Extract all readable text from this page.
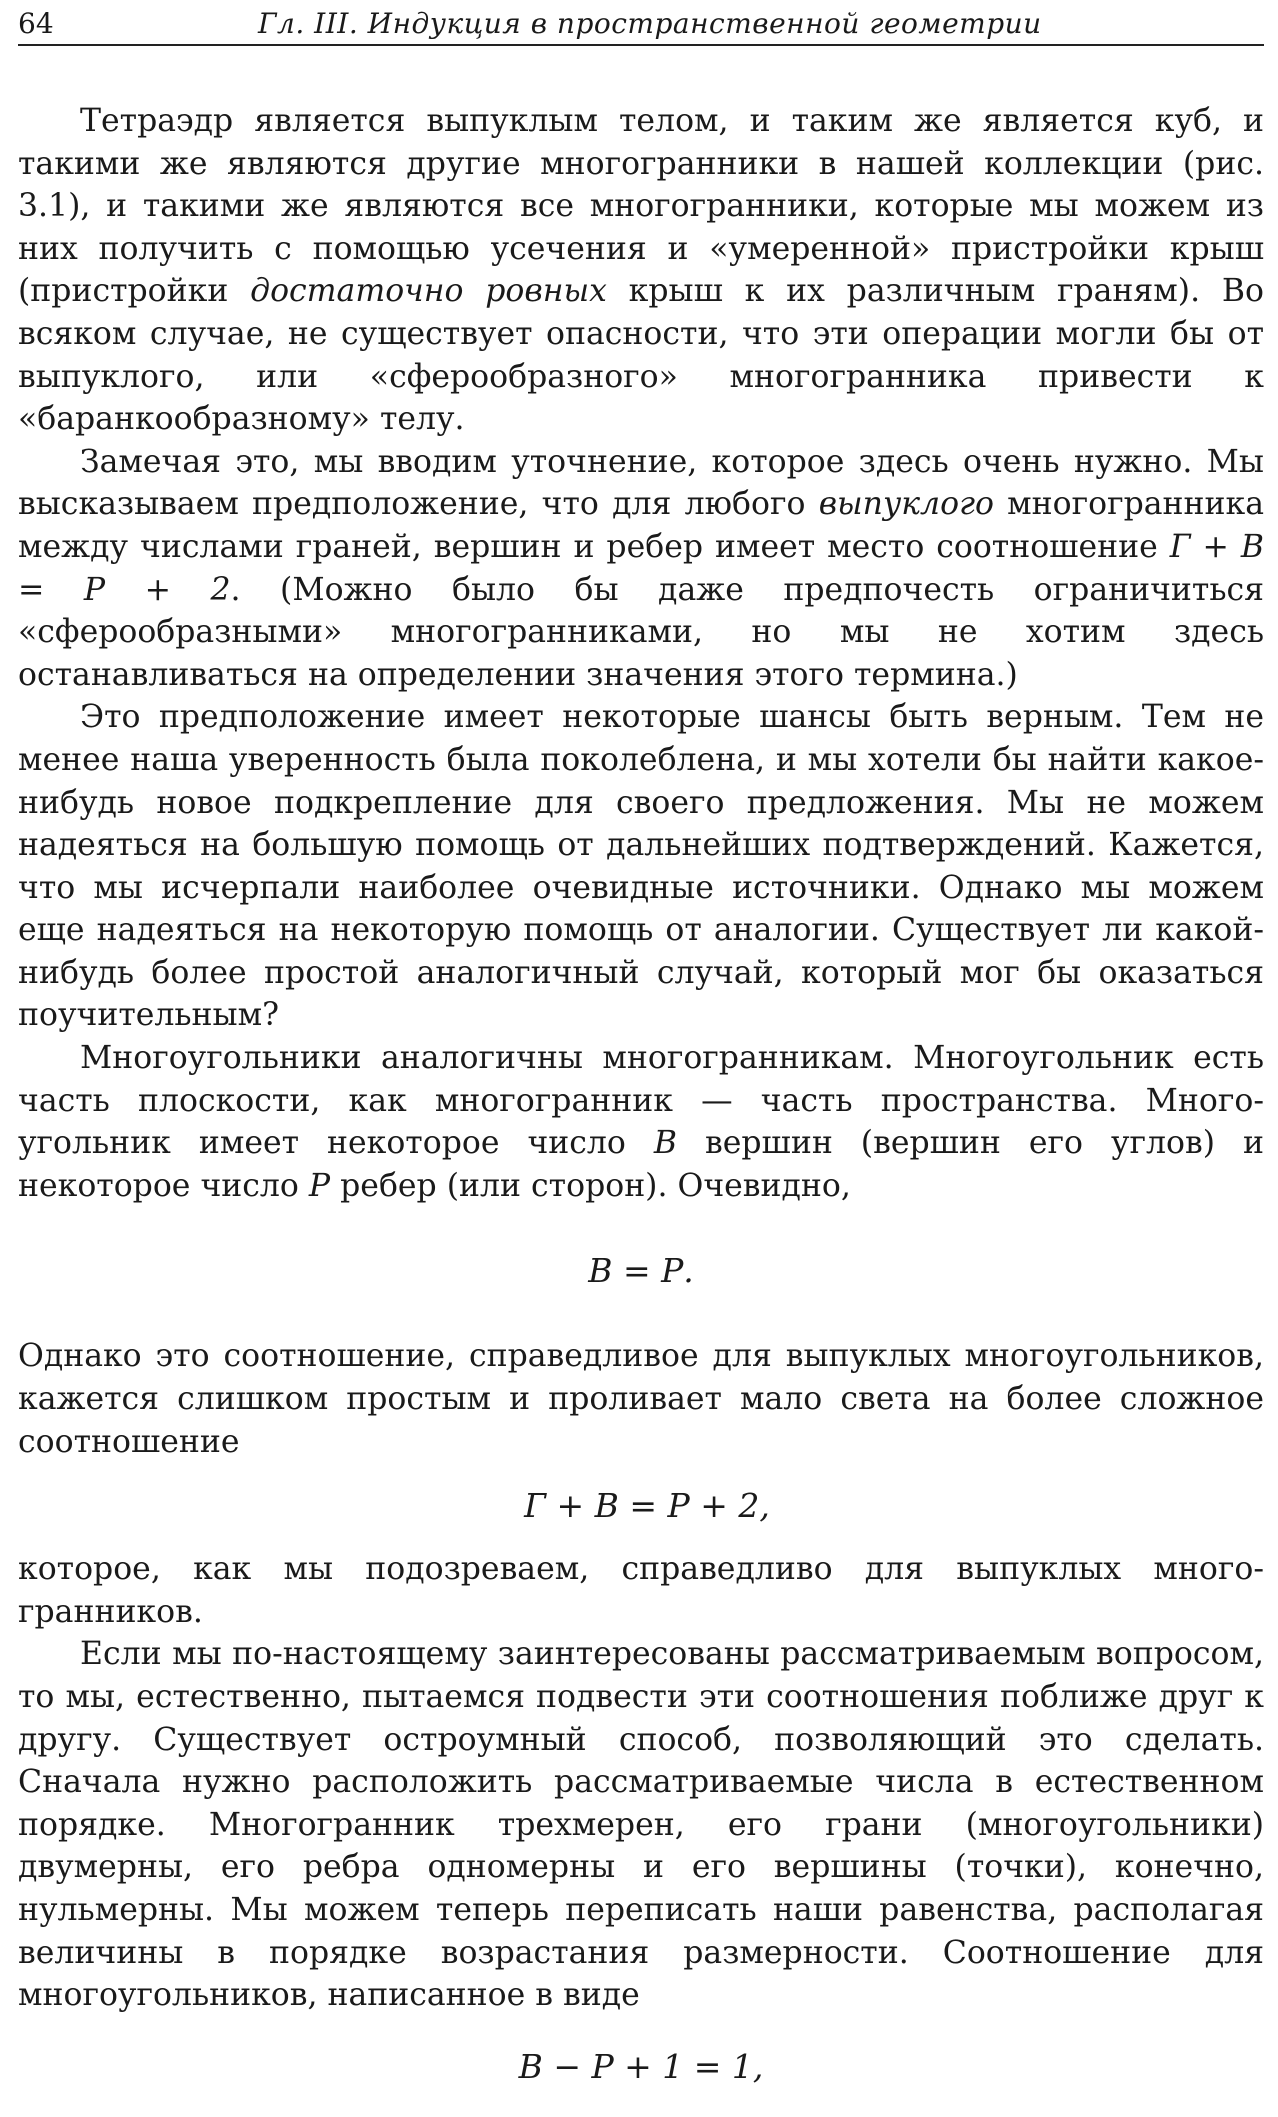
64	Гл. III. Индукция в пространственной геометрии

Тетраэдр является выпуклым телом, и таким же является куб, и такими же являются другие многогранники в нашей коллекции (рис. 3.1), и такими же являются все многогранники, которые мы можем из них получить с помощью усечения и «умеренной» пристройки крыш (пристройки достаточно ровных крыш к их различным граням). Во всяком случае, не существует опасности, что эти операции могли бы от выпуклого, или «сферообразного» многогранника привести к «баранкообразному» телу.

Замечая это, мы вводим уточнение, которое здесь очень нужно. Мы высказываем предположение, что для любого выпуклого многогранника между числами граней, вершин и ребер имеет место соотношение Г + В = Р + 2. (Можно было бы даже предпочесть ограничиться «сферообразными» многогранниками, но мы не хотим здесь останавливаться на определении значения этого термина.)

Это предположение имеет некоторые шансы быть верным. Тем не менее наша уверенность была поколеблена, и мы хотели бы найти какое-нибудь новое подкрепление для своего предложения. Мы не можем надеяться на большую помощь от дальнейших подтверждений. Кажется, что мы исчерпали наиболее очевидные источники. Однако мы можем еще надеяться на некоторую помощь от аналогии. Существует ли какой-нибудь более простой аналогичный случай, который мог бы оказаться поучительным?

Многоугольники аналогичны многогранникам. Многоугольник есть часть плоскости, как многогранник — часть пространства. Многоугольник имеет некоторое число В вершин (вершин его углов) и некоторое число Р ребер (или сторон). Очевидно,

В = Р.

Однако это соотношение, справедливое для выпуклых многоугольников, кажется слишком простым и проливает мало света на более сложное соотношение

Г + В = Р + 2,

которое, как мы подозреваем, справедливо для выпуклых многогранников.

Если мы по-настоящему заинтересованы рассматриваемым вопросом, то мы, естественно, пытаемся подвести эти соотношения поближе друг к другу. Существует остроумный способ, позволяющий это сделать. Сначала нужно расположить рассматриваемые числа в естественном порядке. Многогранник трехмерен, его грани (многоугольники) двумерны, его ребра одномерны и его вершины (точки), конечно, нульмерны. Мы можем теперь переписать наши равенства, располагая величины в порядке возрастания размерности. Соотношение для многоугольников, написанное в виде

В − Р + 1 = 1,
